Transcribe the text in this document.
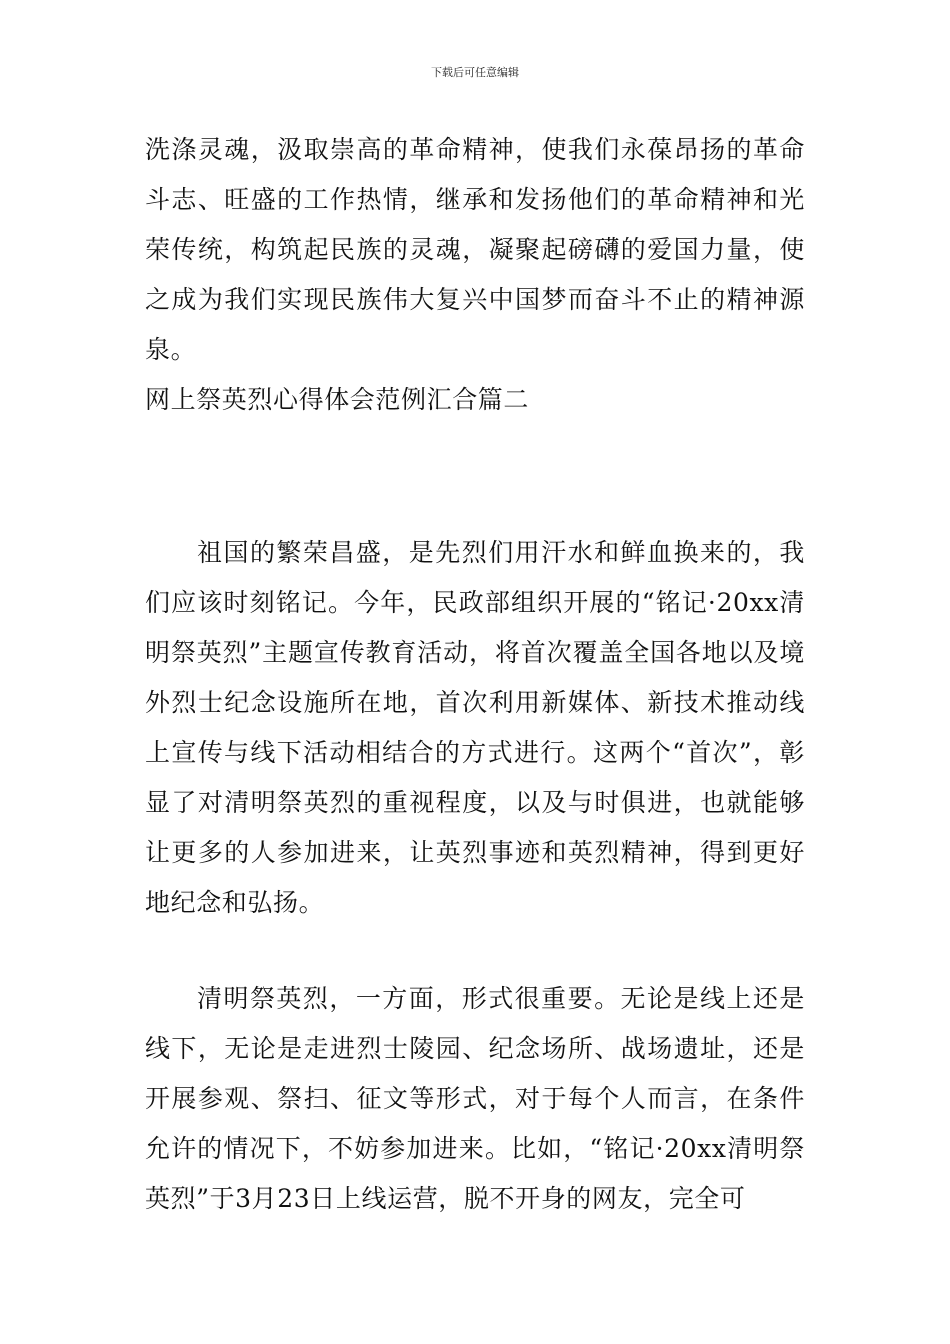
下载后可任意编辑

洗涤灵魂，汲取崇高的革命精神，使我们永葆昂扬的革命斗志、旺盛的工作热情，继承和发扬他们的革命精神和光荣传统，构筑起民族的灵魂，凝聚起磅礴的爱国力量，使之成为我们实现民族伟大复兴中国梦而奋斗不止的精神源泉。

网上祭英烈心得体会范例汇合篇二

祖国的繁荣昌盛，是先烈们用汗水和鲜血换来的，我们应该时刻铭记。今年，民政部组织开展的“铭记·20xx清明祭英烈”主题宣传教育活动，将首次覆盖全国各地以及境外烈士纪念设施所在地，首次利用新媒体、新技术推动线上宣传与线下活动相结合的方式进行。这两个“首次”，彰显了对清明祭英烈的重视程度，以及与时俱进，也就能够让更多的人参加进来，让英烈事迹和英烈精神，得到更好地纪念和弘扬。

清明祭英烈，一方面，形式很重要。无论是线上还是线下，无论是走进烈士陵园、纪念场所、战场遗址，还是开展参观、祭扫、征文等形式，对于每个人而言，在条件允许的情况下，不妨参加进来。比如，“铭记·20xx清明祭英烈”于3月23日上线运营，脱不开身的网友，完全可
